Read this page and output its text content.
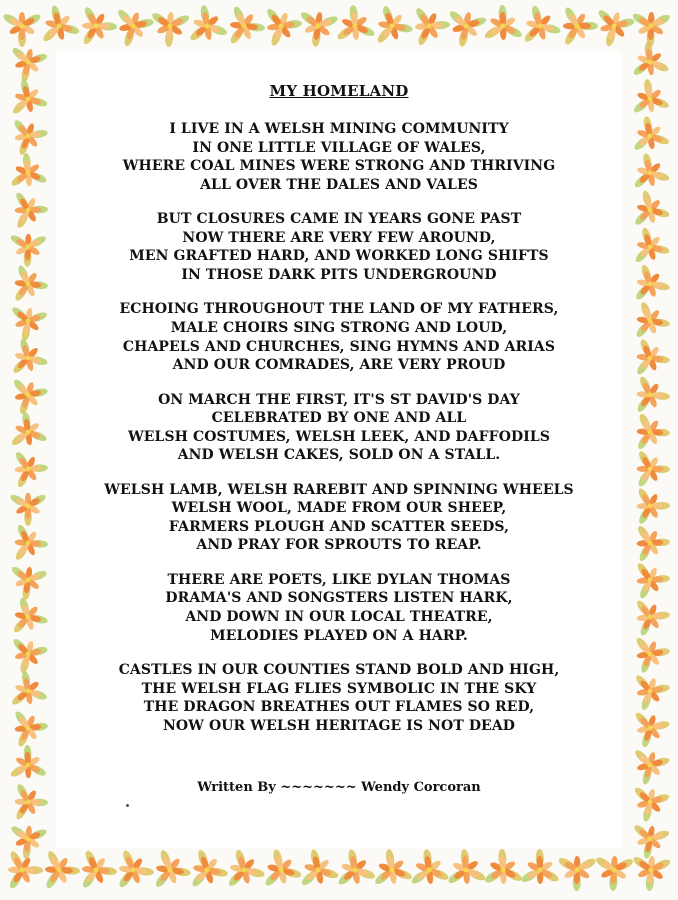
MY HOMELAND
I LIVE IN A WELSH MINING COMMUNITY
IN ONE LITTLE VILLAGE OF WALES,
WHERE COAL MINES WERE STRONG AND THRIVING
ALL OVER THE DALES AND VALES
BUT CLOSURES CAME IN YEARS GONE PAST
NOW THERE ARE VERY FEW AROUND,
MEN GRAFTED HARD, AND WORKED LONG SHIFTS
IN THOSE DARK PITS UNDERGROUND
ECHOING THROUGHOUT THE LAND OF MY FATHERS,
MALE CHOIRS SING STRONG AND LOUD,
CHAPELS AND CHURCHES, SING HYMNS AND ARIAS
AND OUR COMRADES, ARE VERY PROUD
ON MARCH THE FIRST, IT'S ST DAVID'S DAY
CELEBRATED BY ONE AND ALL
WELSH COSTUMES, WELSH LEEK, AND DAFFODILS
AND WELSH CAKES, SOLD ON A STALL.
WELSH LAMB, WELSH RAREBIT AND SPINNING WHEELS
WELSH WOOL, MADE FROM OUR SHEEP,
FARMERS PLOUGH AND SCATTER SEEDS,
AND PRAY FOR SPROUTS TO REAP.
THERE ARE POETS, LIKE DYLAN THOMAS
DRAMA'S AND SONGSTERS LISTEN HARK,
AND DOWN IN OUR LOCAL THEATRE,
MELODIES PLAYED ON A HARP.
CASTLES IN OUR COUNTIES STAND BOLD AND HIGH,
THE WELSH FLAG FLIES SYMBOLIC IN THE SKY
THE DRAGON BREATHES OUT FLAMES SO RED,
NOW OUR WELSH HERITAGE IS NOT DEAD
Written By ~~~~~~~ Wendy Corcoran
